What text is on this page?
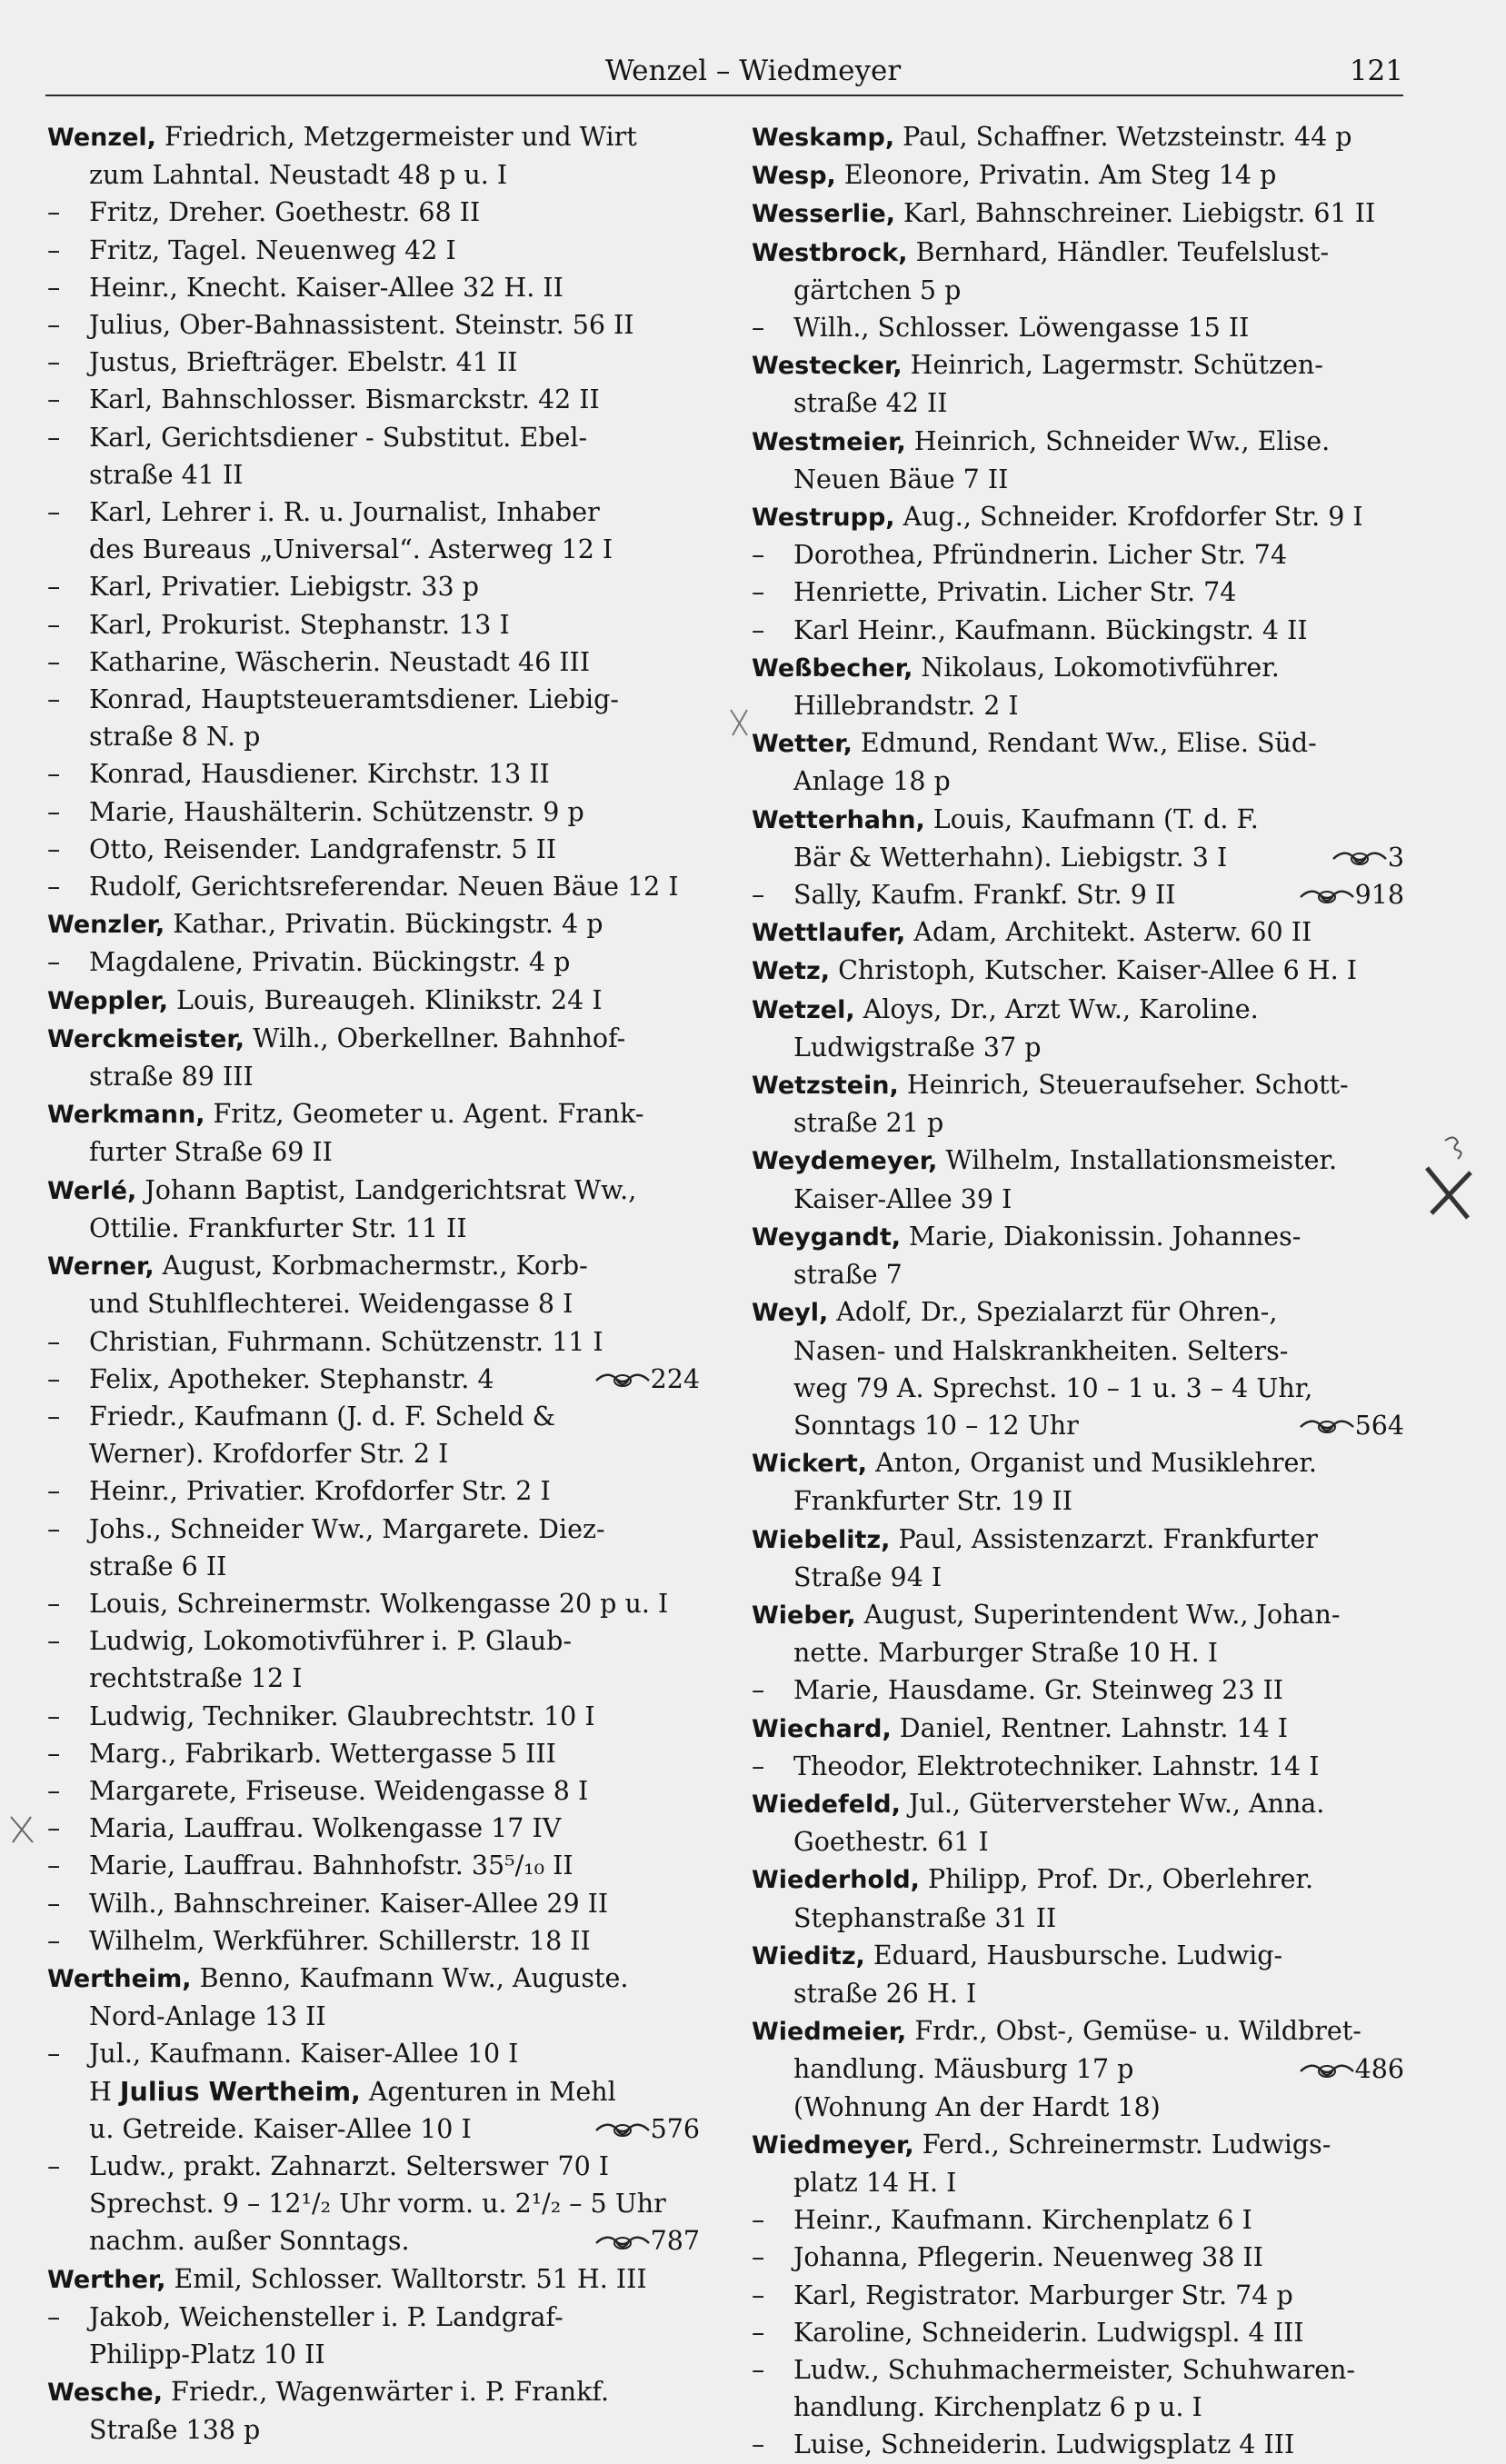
Wenzel – Wiedmeyer	121
Wenzel, Friedrich, Metzgermeister und Wirt
zum Lahntal. Neustadt 48 p u. I
– Fritz, Dreher. Goethestr. 68 II
– Fritz, Tagel. Neuenweg 42 I
– Heinr., Knecht. Kaiser-Allee 32 H. II
– Julius, Ober-Bahnassistent. Steinstr. 56 II
– Justus, Briefträger. Ebelstr. 41 II
– Karl, Bahnschlosser. Bismarckstr. 42 II
– Karl, Gerichtsdiener - Substitut. Ebel-
straße 41 II
– Karl, Lehrer i. R. u. Journalist, Inhaber
des Bureaus „Universal“. Asterweg 12 I
– Karl, Privatier. Liebigstr. 33 p
– Karl, Prokurist. Stephanstr. 13 I
– Katharine, Wäscherin. Neustadt 46 III
– Konrad, Hauptsteueramtsdiener. Liebig-
straße 8 N. p
– Konrad, Hausdiener. Kirchstr. 13 II
– Marie, Haushälterin. Schützenstr. 9 p
– Otto, Reisender. Landgrafenstr. 5 II
– Rudolf, Gerichtsreferendar. Neuen Bäue 12 I
Wenzler, Kathar., Privatin. Bückingstr. 4 p
– Magdalene, Privatin. Bückingstr. 4 p
Weppler, Louis, Bureaugeh. Klinikstr. 24 I
Werckmeister, Wilh., Oberkellner. Bahnhof-
straße 89 III
Werkmann, Fritz, Geometer u. Agent. Frank-
furter Straße 69 II
Werlé, Johann Baptist, Landgerichtsrat Ww.,
Ottilie. Frankfurter Str. 11 II
Werner, August, Korbmachermstr., Korb-
und Stuhlflechterei. Weidengasse 8 I
– Christian, Fuhrmann. Schützenstr. 11 I
– Felix, Apotheker. Stephanstr. 4	224
– Friedr., Kaufmann (J. d. F. Scheld &
Werner). Krofdorfer Str. 2 I
– Heinr., Privatier. Krofdorfer Str. 2 I
– Johs., Schneider Ww., Margarete. Diez-
straße 6 II
– Louis, Schreinermstr. Wolkengasse 20 p u. I
– Ludwig, Lokomotivführer i. P. Glaub-
rechtstraße 12 I
– Ludwig, Techniker. Glaubrechtstr. 10 I
– Marg., Fabrikarb. Wettergasse 5 III
– Margarete, Friseuse. Weidengasse 8 I
– Maria, Lauffrau. Wolkengasse 17 IV
– Marie, Lauffrau. Bahnhofstr. 35⁵/₁₀ II
– Wilh., Bahnschreiner. Kaiser-Allee 29 II
– Wilhelm, Werkführer. Schillerstr. 18 II
Wertheim, Benno, Kaufmann Ww., Auguste.
Nord-Anlage 13 II
– Jul., Kaufmann. Kaiser-Allee 10 I
H Julius Wertheim, Agenturen in Mehl
u. Getreide. Kaiser-Allee 10 I	576
– Ludw., prakt. Zahnarzt. Selterswег 70 I
Sprechst. 9 – 12¹/₂ Uhr vorm. u. 2¹/₂ – 5 Uhr
nachm. außer Sonntags.	787
Werther, Emil, Schlosser. Walltorstr. 51 H. III
– Jakob, Weichensteller i. P. Landgraf-
Philipp-Platz 10 II
Wesche, Friedr., Wagenwärter i. P. Frankf.
Straße 138 p
Weskamp, Paul, Schaffner. Wetzsteinstr. 44 p
Wesp, Eleonore, Privatin. Am Steg 14 p
Wesserlie, Karl, Bahnschreiner. Liebigstr. 61 II
Westbrock, Bernhard, Händler. Teufelslust-
gärtchen 5 p
– Wilh., Schlosser. Löwengasse 15 II
Westecker, Heinrich, Lagermstr. Schützen-
straße 42 II
Westmeier, Heinrich, Schneider Ww., Elise.
Neuen Bäue 7 II
Westrupp, Aug., Schneider. Krofdorfer Str. 9 I
– Dorothea, Pfründnerin. Licher Str. 74
– Henriette, Privatin. Licher Str. 74
– Karl Heinr., Kaufmann. Bückingstr. 4 II
Weßbecher, Nikolaus, Lokomotivführer.
Hillebrandstr. 2 I
Wetter, Edmund, Rendant Ww., Elise. Süd-
Anlage 18 p
Wetterhahn, Louis, Kaufmann (T. d. F.
Bär & Wetterhahn). Liebigstr. 3 I	3
– Sally, Kaufm. Frankf. Str. 9 II	918
Wettlaufer, Adam, Architekt. Asterw. 60 II
Wetz, Christoph, Kutscher. Kaiser-Allee 6 H. I
Wetzel, Aloys, Dr., Arzt Ww., Karoline.
Ludwigstraße 37 p
Wetzstein, Heinrich, Steueraufseher. Schott-
straße 21 p
Weydemeyer, Wilhelm, Installationsmeister.
Kaiser-Allee 39 I
Weygandt, Marie, Diakonissin. Johannes-
straße 7
Weyl, Adolf, Dr., Spezialarzt für Ohren-,
Nasen- und Halskrankheiten. Selters-
weg 79 A. Sprechst. 10 – 1 u. 3 – 4 Uhr,
Sonntags 10 – 12 Uhr	564
Wickert, Anton, Organist und Musiklehrer.
Frankfurter Str. 19 II
Wiebelitz, Paul, Assistenzarzt. Frankfurter
Straße 94 I
Wieber, August, Superintendent Ww., Johan-
nette. Marburger Straße 10 H. I
– Marie, Hausdame. Gr. Steinweg 23 II
Wiechard, Daniel, Rentner. Lahnstr. 14 I
– Theodor, Elektrotechniker. Lahnstr. 14 I
Wiedefeld, Jul., Güterversteher Ww., Anna.
Goethestr. 61 I
Wiederhold, Philipp, Prof. Dr., Oberlehrer.
Stephanstraße 31 II
Wieditz, Eduard, Hausbursche. Ludwig-
straße 26 H. I
Wiedmeier, Frdr., Obst-, Gemüse- u. Wildbret-
handlung. Mäusburg 17 p	486
(Wohnung An der Hardt 18)
Wiedmeyer, Ferd., Schreinermstr. Ludwigs-
platz 14 H. I
– Heinr., Kaufmann. Kirchenplatz 6 I
– Johanna, Pflegerin. Neuenweg 38 II
– Karl, Registrator. Marburger Str. 74 p
– Karoline, Schneiderin. Ludwigspl. 4 III
– Ludw., Schuhmachermeister, Schuhwaren-
handlung. Kirchenplatz 6 p u. I
– Luise, Schneiderin. Ludwigsplatz 4 III
